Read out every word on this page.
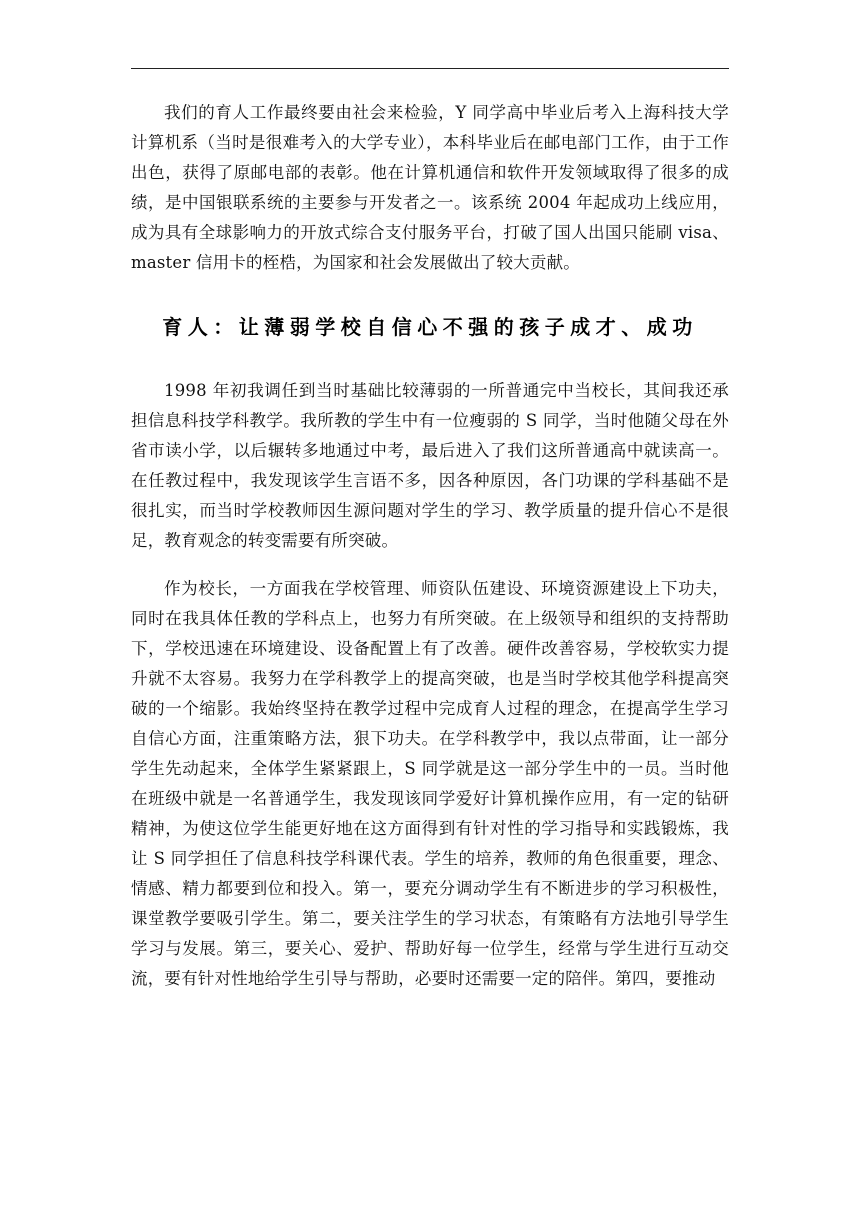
我们的育人工作最终要由社会来检验，Y 同学高中毕业后考入上海科技大学计算机系（当时是很难考入的大学专业），本科毕业后在邮电部门工作，由于工作出色，获得了原邮电部的表彰。他在计算机通信和软件开发领域取得了很多的成绩，是中国银联系统的主要参与开发者之一。该系统 2004 年起成功上线应用，成为具有全球影响力的开放式综合支付服务平台，打破了国人出国只能刷 visa、master 信用卡的桎梏，为国家和社会发展做出了较大贡献。

育人：让薄弱学校自信心不强的孩子成才、成功

1998 年初我调任到当时基础比较薄弱的一所普通完中当校长，其间我还承担信息科技学科教学。我所教的学生中有一位瘦弱的 S 同学，当时他随父母在外省市读小学，以后辗转多地通过中考，最后进入了我们这所普通高中就读高一。在任教过程中，我发现该学生言语不多，因各种原因，各门功课的学科基础不是很扎实，而当时学校教师因生源问题对学生的学习、教学质量的提升信心不是很足，教育观念的转变需要有所突破。

作为校长，一方面我在学校管理、师资队伍建设、环境资源建设上下功夫，同时在我具体任教的学科点上，也努力有所突破。在上级领导和组织的支持帮助下，学校迅速在环境建设、设备配置上有了改善。硬件改善容易，学校软实力提升就不太容易。我努力在学科教学上的提高突破，也是当时学校其他学科提高突破的一个缩影。我始终坚持在教学过程中完成育人过程的理念，在提高学生学习自信心方面，注重策略方法，狠下功夫。在学科教学中，我以点带面，让一部分学生先动起来，全体学生紧紧跟上，S 同学就是这一部分学生中的一员。当时他在班级中就是一名普通学生，我发现该同学爱好计算机操作应用，有一定的钻研精神，为使这位学生能更好地在这方面得到有针对性的学习指导和实践锻炼，我让 S 同学担任了信息科技学科课代表。学生的培养，教师的角色很重要，理念、情感、精力都要到位和投入。第一，要充分调动学生有不断进步的学习积极性，课堂教学要吸引学生。第二，要关注学生的学习状态，有策略有方法地引导学生学习与发展。第三，要关心、爱护、帮助好每一位学生，经常与学生进行互动交流，要有针对性地给学生引导与帮助，必要时还需要一定的陪伴。第四，要推动
